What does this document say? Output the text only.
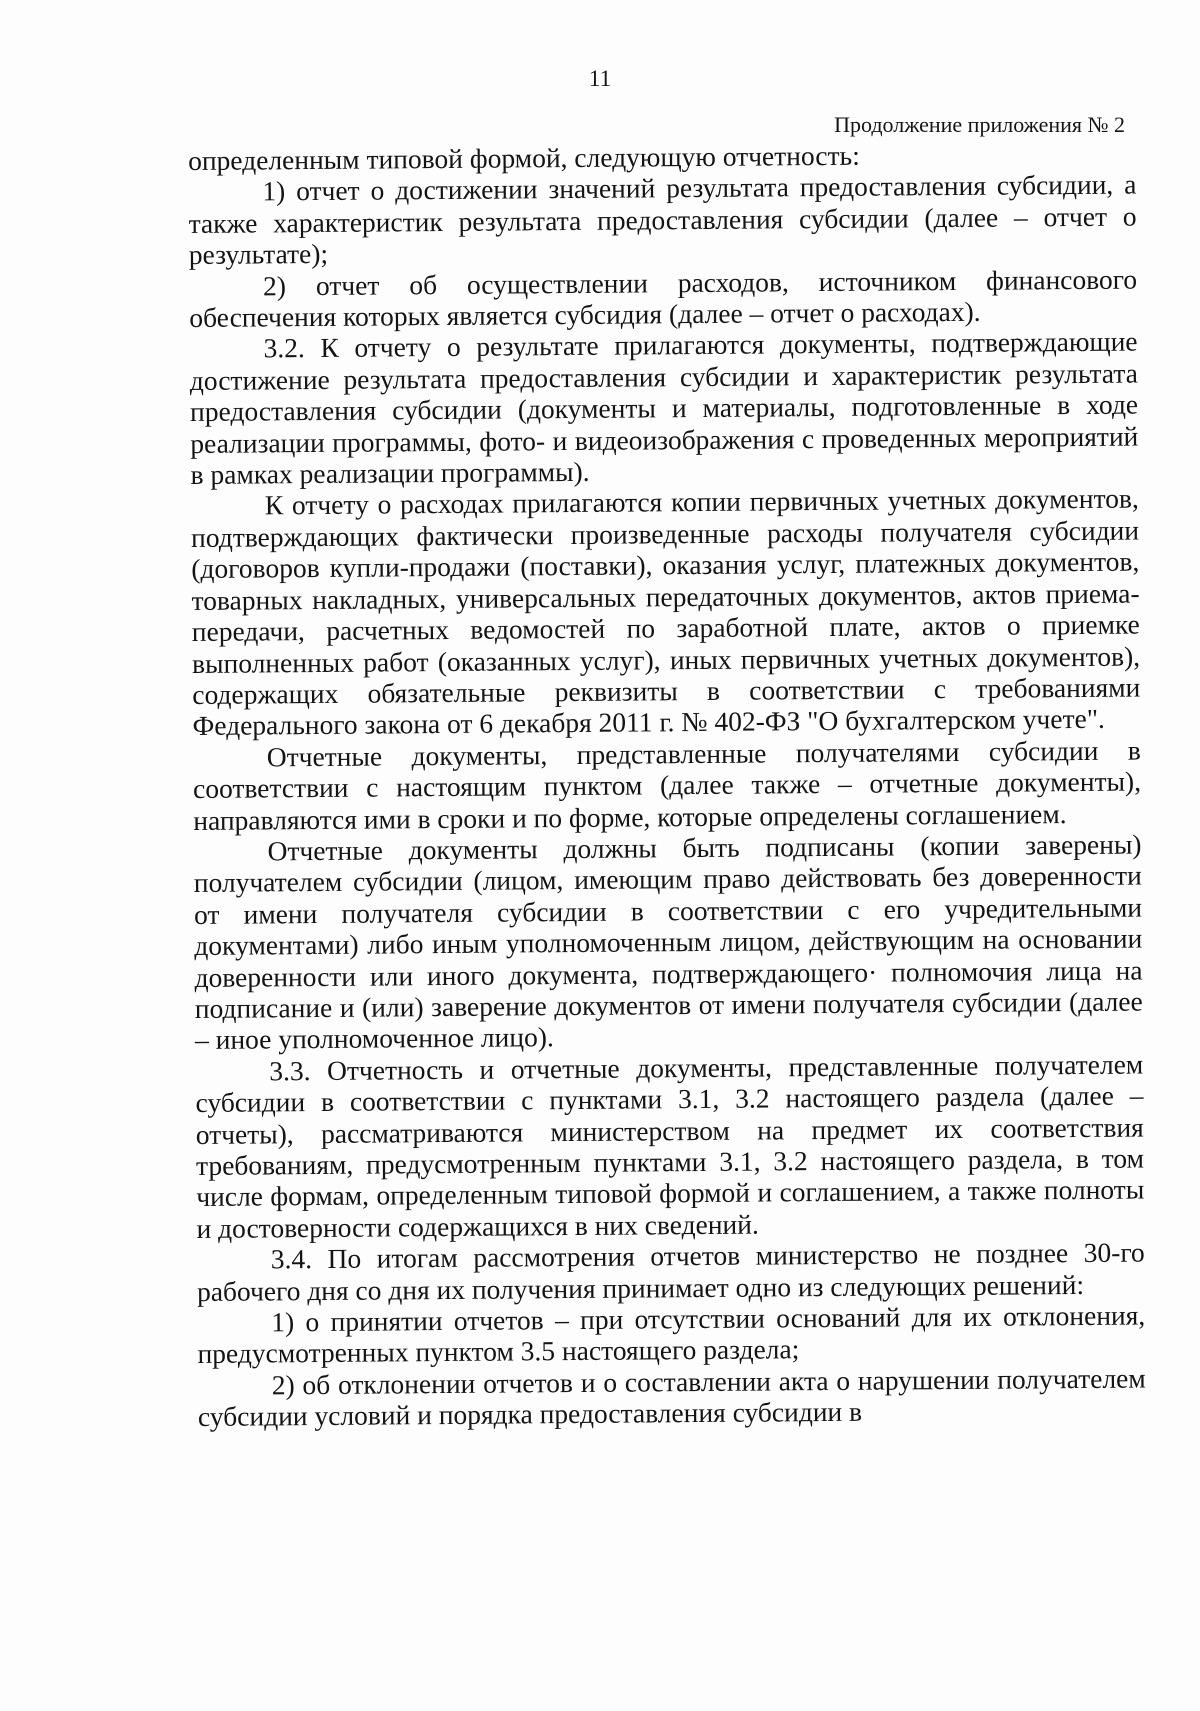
11
Продолжение приложения № 2

определенным типовой формой, следующую отчетность:

1) отчет о достижении значений результата предоставления субсидии, а также характеристик результата предоставления субсидии (далее – отчет о результате);

2) отчет об осуществлении расходов, источником финансового обеспечения которых является субсидия (далее – отчет о расходах).

3.2. К отчету о результате прилагаются документы, подтверждающие достижение результата предоставления субсидии и характеристик результата предоставления субсидии (документы и материалы, подготовленные в ходе реализации программы, фото- и видеоизображения с проведенных мероприятий в рамках реализации программы).

К отчету о расходах прилагаются копии первичных учетных документов, подтверждающих фактически произведенные расходы получателя субсидии (договоров купли-продажи (поставки), оказания услуг, платежных документов, товарных накладных, универсальных передаточных документов, актов приема-передачи, расчетных ведомостей по заработной плате, актов о приемке выполненных работ (оказанных услуг), иных первичных учетных документов), содержащих обязательные реквизиты в соответствии с требованиями Федерального закона от 6 декабря 2011 г. № 402-ФЗ "О бухгалтерском учете".

Отчетные документы, представленные получателями субсидии в соответствии с настоящим пунктом (далее также – отчетные документы), направляются ими в сроки и по форме, которые определены соглашением.

Отчетные документы должны быть подписаны (копии заверены) получателем субсидии (лицом, имеющим право действовать без доверенности от имени получателя субсидии в соответствии с его учредительными документами) либо иным уполномоченным лицом, действующим на основании доверенности или иного документа, подтверждающего· полномочия лица на подписание и (или) заверение документов от имени получателя субсидии (далее – иное уполномоченное лицо).

3.3. Отчетность и отчетные документы, представленные получателем субсидии в соответствии с пунктами 3.1, 3.2 настоящего раздела (далее – отчеты), рассматриваются министерством на предмет их соответствия требованиям, предусмотренным пунктами 3.1, 3.2 настоящего раздела, в том числе формам, определенным типовой формой и соглашением, а также полноты и достоверности содержащихся в них сведений.

3.4. По итогам рассмотрения отчетов министерство не позднее 30-го рабочего дня со дня их получения принимает одно из следующих решений:

1) о принятии отчетов – при отсутствии оснований для их отклонения, предусмотренных пунктом 3.5 настоящего раздела;

2) об отклонении отчетов и о составлении акта о нарушении получателем субсидии условий и порядка предоставления субсидии в
